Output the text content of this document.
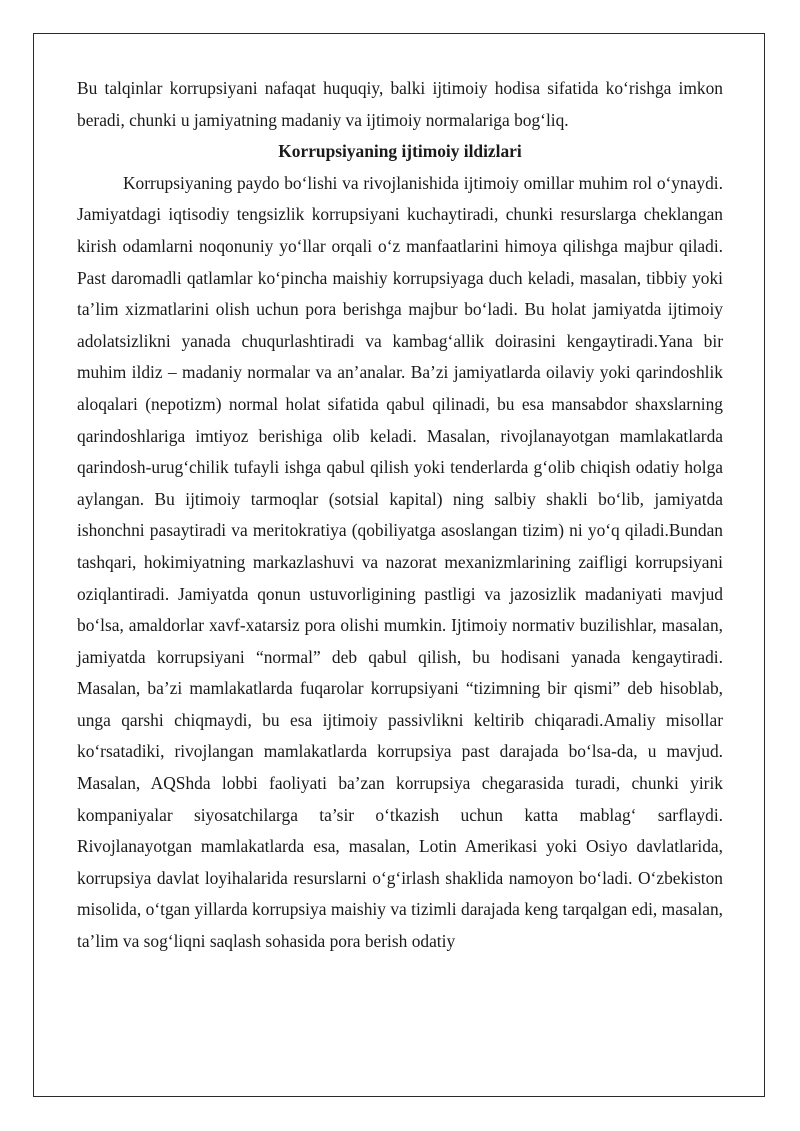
Bu talqinlar korrupsiyani nafaqat huquqiy, balki ijtimoiy hodisa sifatida ko‘rishga imkon beradi, chunki u jamiyatning madaniy va ijtimoiy normalariga bog‘liq.

Korrupsiyaning ijtimoiy ildizlari

Korrupsiyaning paydo bo‘lishi va rivojlanishida ijtimoiy omillar muhim rol o‘ynaydi. Jamiyatdagi iqtisodiy tengsizlik korrupsiyani kuchaytiradi, chunki resurslarga cheklangan kirish odamlarni noqonuniy yo‘llar orqali o‘z manfaatlarini himoya qilishga majbur qiladi. Past daromadli qatlamlar ko‘pincha maishiy korrupsiyaga duch keladi, masalan, tibbiy yoki ta’lim xizmatlarini olish uchun pora berishga majbur bo‘ladi. Bu holat jamiyatda ijtimoiy adolatsizlikni yanada chuqurlashtiradi va kambag‘allik doirasini kengaytiradi.Yana bir muhim ildiz – madaniy normalar va an’analar. Ba’zi jamiyatlarda oilaviy yoki qarindoshlik aloqalari (nepotizm) normal holat sifatida qabul qilinadi, bu esa mansabdor shaxslarning qarindoshlariga imtiyoz berishiga olib keladi. Masalan, rivojlanayotgan mamlakatlarda qarindosh-urug‘chilik tufayli ishga qabul qilish yoki tenderlarda g‘olib chiqish odatiy holga aylangan. Bu ijtimoiy tarmoqlar (sotsial kapital) ning salbiy shakli bo‘lib, jamiyatda ishonchni pasaytiradi va meritokratiya (qobiliyatga asoslangan tizim) ni yo‘q qiladi.Bundan tashqari, hokimiyatning markazlashuvi va nazorat mexanizmlarining zaifligi korrupsiyani oziqlantiradi. Jamiyatda qonun ustuvorligining pastligi va jazosizlik madaniyati mavjud bo‘lsa, amaldorlar xavf-xatarsiz pora olishi mumkin. Ijtimoiy normativ buzilishlar, masalan, jamiyatda korrupsiyani “normal” deb qabul qilish, bu hodisani yanada kengaytiradi. Masalan, ba’zi mamlakatlarda fuqarolar korrupsiyani “tizimning bir qismi” deb hisoblab, unga qarshi chiqmaydi, bu esa ijtimoiy passivlikni keltirib chiqaradi.Amaliy misollar ko‘rsatadiki, rivojlangan mamlakatlarda korrupsiya past darajada bo‘lsa-da, u mavjud. Masalan, AQShda lobbi faoliyati ba’zan korrupsiya chegarasida turadi, chunki yirik kompaniyalar siyosatchilarga ta’sir o‘tkazish uchun katta mablag‘ sarflaydi. Rivojlanayotgan mamlakatlarda esa, masalan, Lotin Amerikasi yoki Osiyo davlatlarida, korrupsiya davlat loyihalarida resurslarni o‘g‘irlash shaklida namoyon bo‘ladi. O‘zbekiston misolida, o‘tgan yillarda korrupsiya maishiy va tizimli darajada keng tarqalgan edi, masalan, ta’lim va sog‘liqni saqlash sohasida pora berish odatiy
